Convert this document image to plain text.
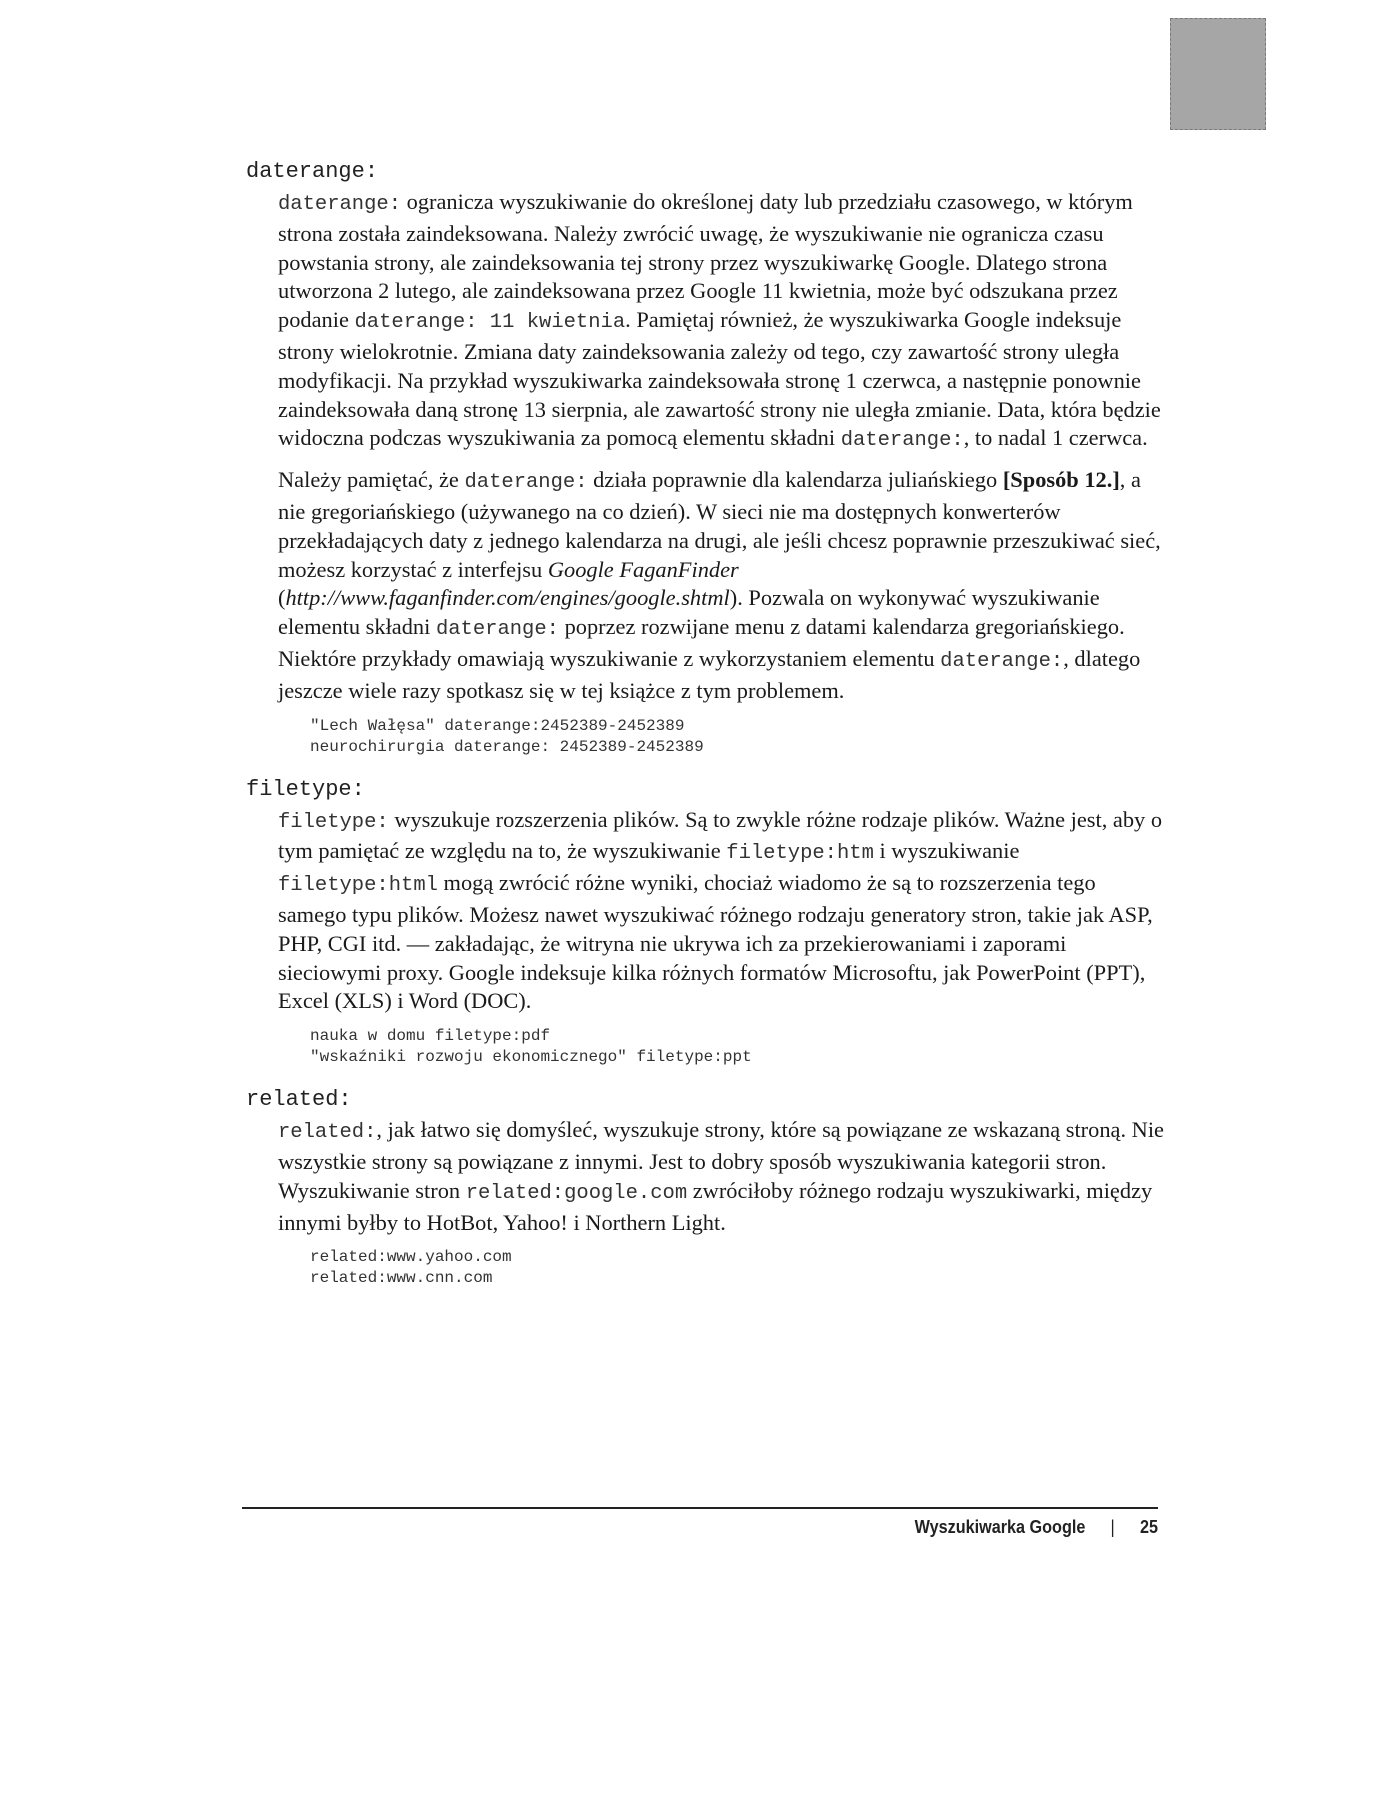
daterange:

daterange: ogranicza wyszukiwanie do określonej daty lub przedziału czasowego, w którym strona została zaindeksowana. Należy zwrócić uwagę, że wyszukiwanie nie ogranicza czasu powstania strony, ale zaindeksowania tej strony przez wyszukiwarkę Google. Dlatego strona utworzona 2 lutego, ale zaindeksowana przez Google 11 kwietnia, może być odszukana przez podanie daterange: 11 kwietnia. Pamiętaj również, że wyszukiwarka Google indeksuje strony wielokrotnie. Zmiana daty zaindeksowania zależy od tego, czy zawartość strony uległa modyfikacji. Na przykład wyszukiwarka zaindeksowała stronę 1 czerwca, a następnie ponownie zaindeksowała daną stronę 13 sierpnia, ale zawartość strony nie uległa zmianie. Data, która będzie widoczna podczas wyszukiwania za pomocą elementu składni daterange:, to nadal 1 czerwca.

Należy pamiętać, że daterange: działa poprawnie dla kalendarza juliańskiego [Sposób 12.], a nie gregoriańskiego (używanego na co dzień). W sieci nie ma dostępnych konwerterów przekładających daty z jednego kalendarza na drugi, ale jeśli chcesz poprawnie przeszukiwać sieć, możesz korzystać z interfejsu Google FaganFinder (http://www.faganfinder.com/engines/google.shtml). Pozwala on wykonywać wyszukiwanie elementu składni daterange: poprzez rozwijane menu z datami kalendarza gregoriańskiego. Niektóre przykłady omawiają wyszukiwanie z wykorzystaniem elementu daterange:, dlatego jeszcze wiele razy spotkasz się w tej książce z tym problemem.

"Lech Wałęsa" daterange:2452389-2452389
neurochirurgia daterange: 2452389-2452389
filetype:

filetype: wyszukuje rozszerzenia plików. Są to zwykle różne rodzaje plików. Ważne jest, aby o tym pamiętać ze względu na to, że wyszukiwanie filetype:htm i wyszukiwanie filetype:html mogą zwrócić różne wyniki, chociaż wiadomo że są to rozszerzenia tego samego typu plików. Możesz nawet wyszukiwać różnego rodzaju generatory stron, takie jak ASP, PHP, CGI itd. — zakładając, że witryna nie ukrywa ich za przekierowaniami i zaporami sieciowymi proxy. Google indeksuje kilka różnych formatów Microsoftu, jak PowerPoint (PPT), Excel (XLS) i Word (DOC).

nauka w domu filetype:pdf
"wskaźniki rozwoju ekonomicznego" filetype:ppt
related:

related:, jak łatwo się domyśleć, wyszukuje strony, które są powiązane ze wskazaną stroną. Nie wszystkie strony są powiązane z innymi. Jest to dobry sposób wyszukiwania kategorii stron. Wyszukiwanie stron related:google.com zwróciłoby różnego rodzaju wyszukiwarki, między innymi byłby to HotBot, Yahoo! i Northern Light.

related:www.yahoo.com
related:www.cnn.com
Wyszukiwarka Google | 25
